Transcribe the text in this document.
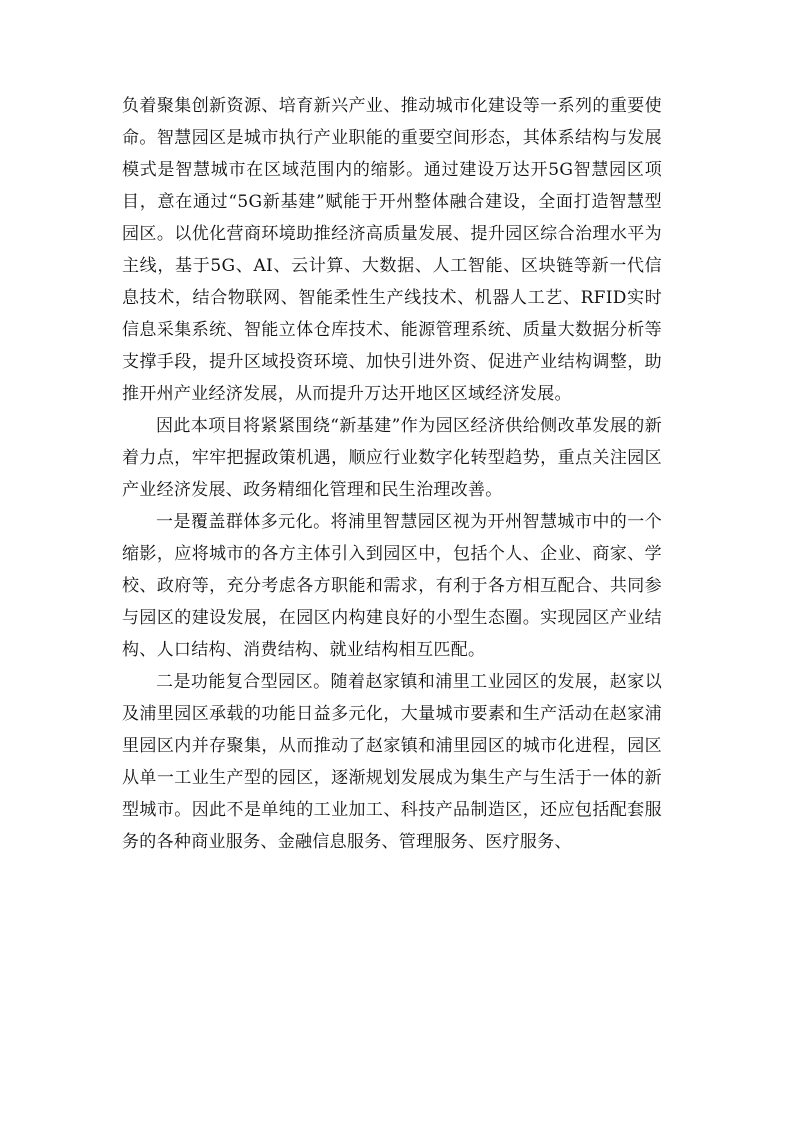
负着聚集创新资源、培育新兴产业、推动城市化建设等一系列的重要使命。智慧园区是城市执行产业职能的重要空间形态，其体系结构与发展模式是智慧城市在区域范围内的缩影。通过建设万达开5G智慧园区项目，意在通过“5G新基建”赋能于开州整体融合建设，全面打造智慧型园区。以优化营商环境助推经济高质量发展、提升园区综合治理水平为主线，基于5G、AI、云计算、大数据、人工智能、区块链等新一代信息技术，结合物联网、智能柔性生产线技术、机器人工艺、RFID实时信息采集系统、智能立体仓库技术、能源管理系统、质量大数据分析等支撑手段，提升区域投资环境、加快引进外资、促进产业结构调整，助推开州产业经济发展，从而提升万达开地区区域经济发展。

因此本项目将紧紧围绕“新基建”作为园区经济供给侧改革发展的新着力点，牢牢把握政策机遇，顺应行业数字化转型趋势，重点关注园区产业经济发展、政务精细化管理和民生治理改善。

一是覆盖群体多元化。将浦里智慧园区视为开州智慧城市中的一个缩影，应将城市的各方主体引入到园区中，包括个人、企业、商家、学校、政府等，充分考虑各方职能和需求，有利于各方相互配合、共同参与园区的建设发展，在园区内构建良好的小型生态圈。实现园区产业结构、人口结构、消费结构、就业结构相互匹配。

二是功能复合型园区。随着赵家镇和浦里工业园区的发展，赵家以及浦里园区承载的功能日益多元化，大量城市要素和生产活动在赵家浦里园区内并存聚集，从而推动了赵家镇和浦里园区的城市化进程，园区从单一工业生产型的园区，逐渐规划发展成为集生产与生活于一体的新型城市。因此不是单纯的工业加工、科技产品制造区，还应包括配套服务的各种商业服务、金融信息服务、管理服务、医疗服务、
